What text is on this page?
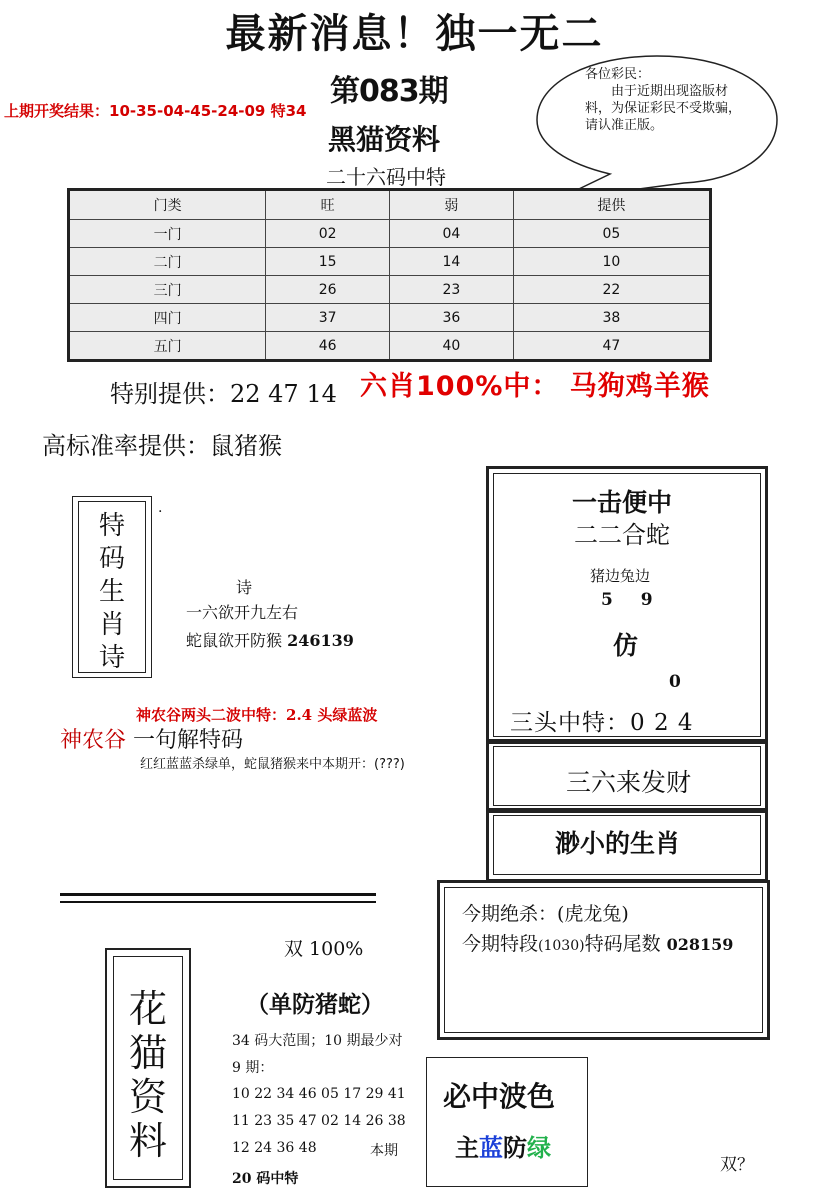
最新消息！独一无二
第083期
上期开奖结果：10-35-04-45-24-09 特34
黑猫资料
二十六码中特
各位彩民：
由于近期出现盗版材料，为保证彩民不受欺骗，请认准正版。
门类	旺	弱	提供
一门	02	04	05
二门	15	14	10
三门	26	23	22
四门	37	36	38
五门	46	40	47
特别提供：22 47 14 六肖100%中： 马狗鸡羊猴
高标准率提供：鼠猪猴
特码生肖诗
.
诗
一六欲开九左右
蛇鼠欲开防猴 246139
神农谷两头二波中特：2.4 头绿蓝波
神农谷 一句解特码
红红蓝蓝杀绿单，蛇鼠猪猴来中本期开：(???)
一击便中
二二合蛇
猪边兔边
5 9
仿
0
三头中特：0 2 4
三六来发财
渺小的生肖
今期绝杀：(虎龙兔)
今期特段(1030)特码尾数 028159
双 100%
（单防猪蛇）
花猫资料
34 码大范围；10 期最少对
9 期：
10 22 34 46 05 17 29 41
11 23 35 47 02 14 26 38
12 24 36 48	本期
20 码中特
必中波色
主蓝防绿
双？
